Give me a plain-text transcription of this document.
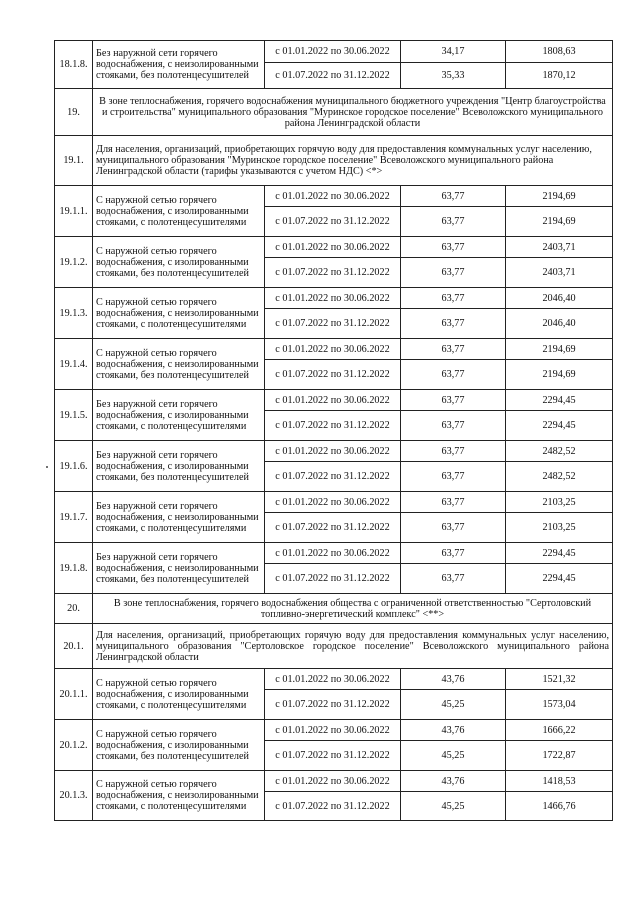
18.1.8.	Без наружной сети горячего водоснабжения, с неизолированными стояками, без полотенцесушителей	с 01.01.2022 по 30.06.2022	34,17	1808,63
		с 01.07.2022 по 31.12.2022	35,33	1870,12
19.	В зоне теплоснабжения, горячего водоснабжения муниципального бюджетного учреждения "Центр благоустройства и строительства" муниципального образования "Муринское городское поселение" Всеволожского муниципального района Ленинградской области			
19.1.	Для населения, организаций, приобретающих горячую воду для предоставления коммунальных услуг населению, муниципального образования "Муринское городское поселение" Всеволожского муниципального района Ленинградской области (тарифы указываются с учетом НДС) <*>			
19.1.1.	С наружной сетью горячего водоснабжения, с изолированными стояками, с полотенцесушителями	с 01.01.2022 по 30.06.2022	63,77	2194,69
		с 01.07.2022 по 31.12.2022	63,77	2194,69
19.1.2.	С наружной сетью горячего водоснабжения, с изолированными стояками, без полотенцесушителей	с 01.01.2022 по 30.06.2022	63,77	2403,71
		с 01.07.2022 по 31.12.2022	63,77	2403,71
19.1.3.	С наружной сетью горячего водоснабжения, с неизолированными стояками, с полотенцесушителями	с 01.01.2022 по 30.06.2022	63,77	2046,40
		с 01.07.2022 по 31.12.2022	63,77	2046,40
19.1.4.	С наружной сетью горячего водоснабжения, с неизолированными стояками, без полотенцесушителей	с 01.01.2022 по 30.06.2022	63,77	2194,69
		с 01.07.2022 по 31.12.2022	63,77	2194,69
19.1.5.	Без наружной сети горячего водоснабжения, с изолированными стояками, с полотенцесушителями	с 01.01.2022 по 30.06.2022	63,77	2294,45
		с 01.07.2022 по 31.12.2022	63,77	2294,45
19.1.6.	Без наружной сети горячего водоснабжения, с изолированными стояками, без полотенцесушителей	с 01.01.2022 по 30.06.2022	63,77	2482,52
		с 01.07.2022 по 31.12.2022	63,77	2482,52
19.1.7.	Без наружной сети горячего водоснабжения, с неизолированными стояками, с полотенцесушителями	с 01.01.2022 по 30.06.2022	63,77	2103,25
		с 01.07.2022 по 31.12.2022	63,77	2103,25
19.1.8.	Без наружной сети горячего водоснабжения, с неизолированными стояками, без полотенцесушителей	с 01.01.2022 по 30.06.2022	63,77	2294,45
		с 01.07.2022 по 31.12.2022	63,77	2294,45
20.	В зоне теплоснабжения, горячего водоснабжения общества с ограниченной ответственностью "Сертоловский топливно-энергетический комплекс" <**>			
20.1.	Для населения, организаций, приобретающих горячую воду для предоставления коммунальных услуг населению, муниципального образования "Сертоловское городское поселение" Всеволожского муниципального района Ленинградской области			
20.1.1.	С наружной сетью горячего водоснабжения, с изолированными стояками, с полотенцесушителями	с 01.01.2022 по 30.06.2022	43,76	1521,32
		с 01.07.2022 по 31.12.2022	45,25	1573,04
20.1.2.	С наружной сетью горячего водоснабжения, с изолированными стояками, без полотенцесушителей	с 01.01.2022 по 30.06.2022	43,76	1666,22
		с 01.07.2022 по 31.12.2022	45,25	1722,87
20.1.3.	С наружной сетью горячего водоснабжения, с неизолированными стояками, с полотенцесушителями	с 01.01.2022 по 30.06.2022	43,76	1418,53
		с 01.07.2022 по 31.12.2022	45,25	1466,76
